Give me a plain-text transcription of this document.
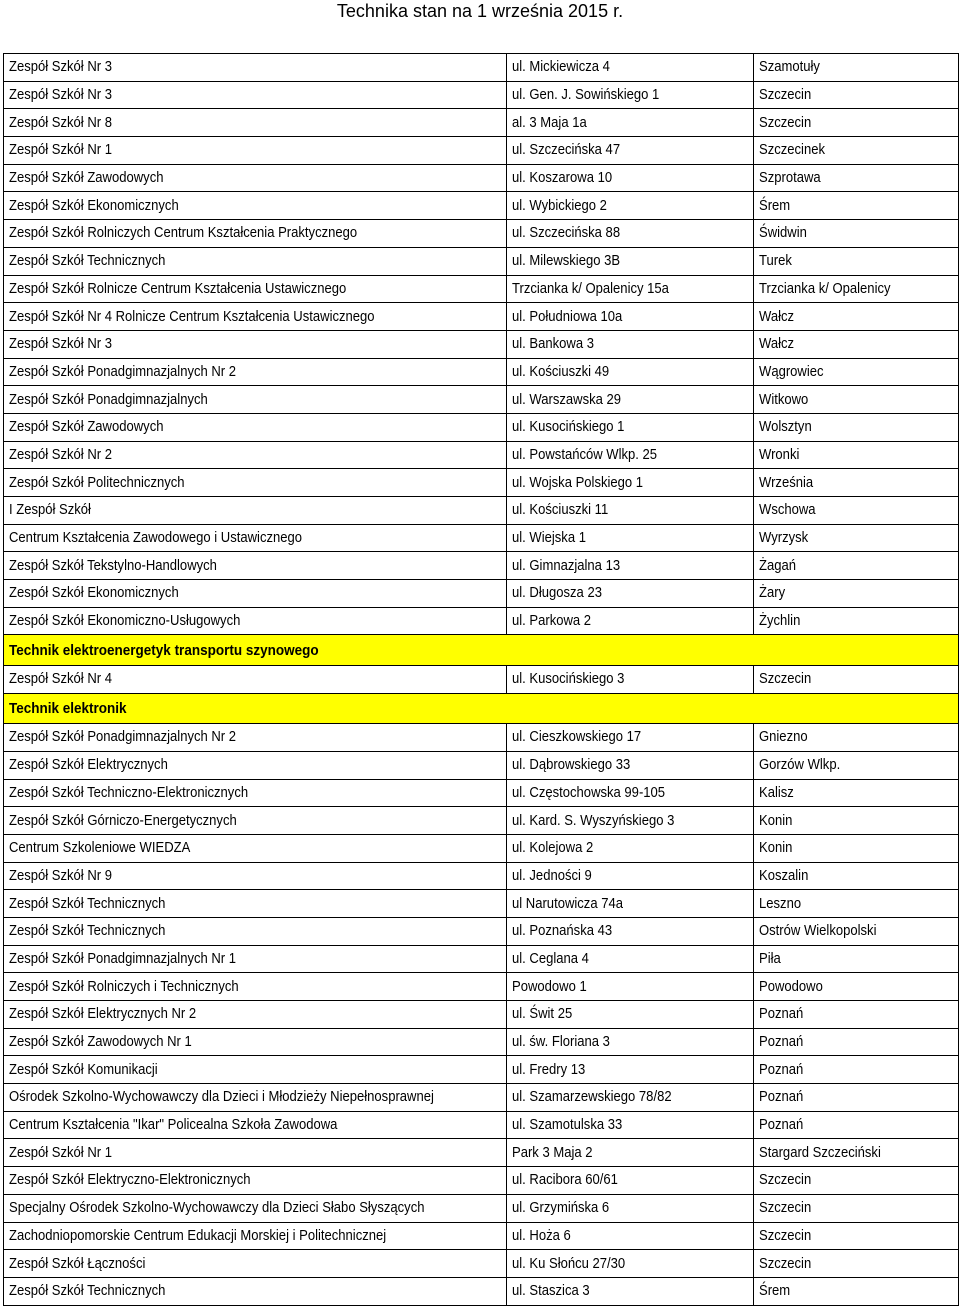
Technika stan na 1 września 2015 r.
Zespół Szkół Nr 3	ul. Mickiewicza 4	Szamotuły
Zespół Szkół Nr 3	ul. Gen. J. Sowińskiego 1	Szczecin
Zespół Szkół Nr 8	al. 3 Maja 1a	Szczecin
Zespół Szkół Nr 1	ul. Szczecińska 47	Szczecinek
Zespół Szkół Zawodowych	ul. Koszarowa 10	Szprotawa
Zespół Szkół Ekonomicznych	ul. Wybickiego 2	Śrem
Zespół Szkół Rolniczych Centrum Kształcenia Praktycznego	ul. Szczecińska 88	Świdwin
Zespół Szkół Technicznych	ul. Milewskiego 3B	Turek
Zespół Szkół Rolnicze Centrum Kształcenia Ustawicznego	Trzcianka k/ Opalenicy 15a	Trzcianka k/ Opalenicy
Zespół Szkół Nr 4 Rolnicze Centrum Kształcenia Ustawicznego	ul. Południowa 10a	Wałcz
Zespół Szkół Nr 3	ul. Bankowa 3	Wałcz
Zespół Szkół Ponadgimnazjalnych Nr 2	ul. Kościuszki 49	Wągrowiec
Zespół Szkół Ponadgimnazjalnych	ul. Warszawska 29	Witkowo
Zespół Szkół Zawodowych	ul. Kusocińskiego 1	Wolsztyn
Zespół Szkół Nr 2	ul. Powstańców Wlkp. 25	Wronki
Zespół Szkół Politechnicznych	ul. Wojska Polskiego 1	Września
I Zespół Szkół	ul. Kościuszki 11	Wschowa
Centrum Kształcenia Zawodowego i Ustawicznego	ul. Wiejska 1	Wyrzysk
Zespół Szkół Tekstylno-Handlowych	ul. Gimnazjalna 13	Żagań
Zespół Szkół Ekonomicznych	ul. Długosza 23	Żary
Zespół Szkół Ekonomiczno-Usługowych	ul. Parkowa 2	Żychlin
Technik elektroenergetyk transportu szynowego
Zespół Szkół Nr 4	ul. Kusocińskiego 3	Szczecin
Technik elektronik
Zespół Szkół Ponadgimnazjalnych Nr 2	ul. Cieszkowskiego 17	Gniezno
Zespół Szkół Elektrycznych	ul. Dąbrowskiego 33	Gorzów Wlkp.
Zespół Szkół Techniczno-Elektronicznych	ul. Częstochowska 99-105	Kalisz
Zespół Szkół Górniczo-Energetycznych	ul. Kard. S. Wyszyńskiego 3	Konin
Centrum Szkoleniowe WIEDZA	ul. Kolejowa 2	Konin
Zespół Szkół Nr 9	ul. Jedności 9	Koszalin
Zespół Szkół Technicznych	ul Narutowicza 74a	Leszno
Zespół Szkół Technicznych	ul. Poznańska 43	Ostrów Wielkopolski
Zespół Szkół Ponadgimnazjalnych Nr 1	ul. Ceglana 4	Piła
Zespół Szkół Rolniczych i Technicznych	Powodowo 1	Powodowo
Zespół Szkół Elektrycznych Nr 2	ul. Świt 25	Poznań
Zespół Szkół Zawodowych Nr 1	ul. św. Floriana 3	Poznań
Zespół Szkół Komunikacji	ul. Fredry 13	Poznań
Ośrodek Szkolno-Wychowawczy dla Dzieci i Młodzieży Niepełnosprawnej	ul. Szamarzewskiego 78/82	Poznań
Centrum Kształcenia "Ikar" Policealna Szkoła Zawodowa	ul. Szamotulska 33	Poznań
Zespół Szkół Nr 1	Park 3 Maja 2	Stargard Szczeciński
Zespół Szkół Elektryczno-Elektronicznych	ul. Racibora 60/61	Szczecin
Specjalny Ośrodek Szkolno-Wychowawczy dla Dzieci Słabo Słyszących	ul. Grzymińska 6	Szczecin
Zachodniopomorskie Centrum Edukacji Morskiej i Politechnicznej	ul. Hoża 6	Szczecin
Zespół Szkół Łączności	ul. Ku Słońcu 27/30	Szczecin
Zespół Szkół Technicznych	ul. Staszica 3	Śrem
